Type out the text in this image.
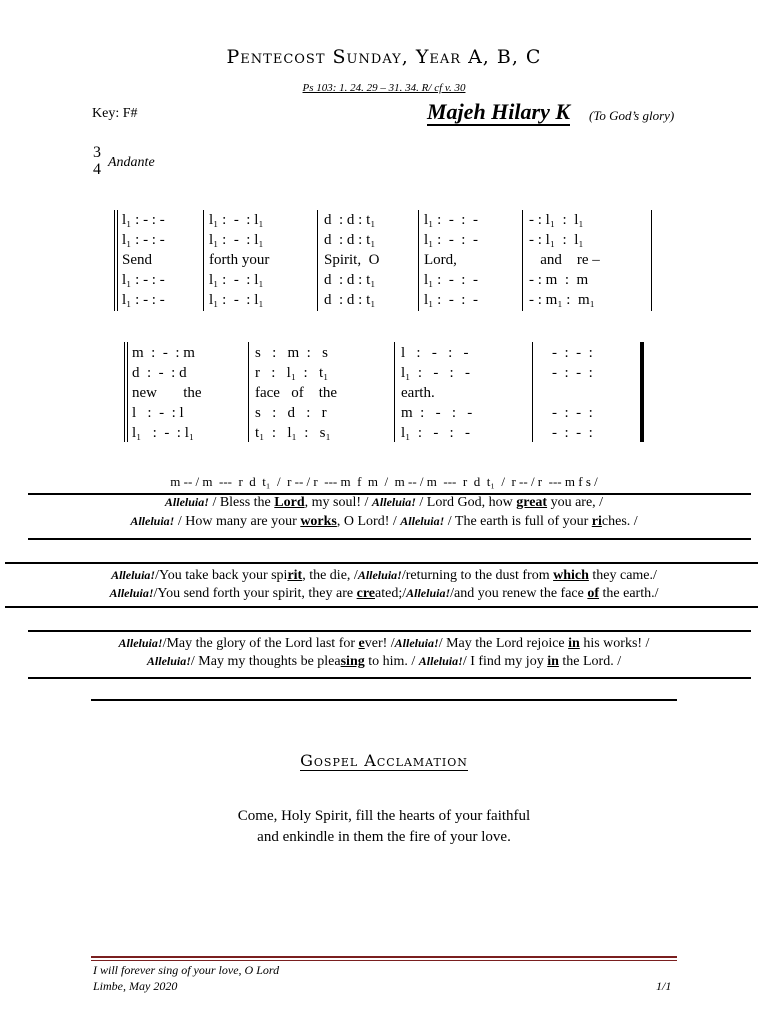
Pentecost Sunday, Year A, B, C
Ps 103: 1. 24. 29 – 31. 34. R/ cf v. 30
Key: F#	Majeh Hilary K (To God’s glory)
3
4 Andante
l₁ : - : -
l₁ : - : -
Send
l₁ : - : -
l₁ : - : -
l₁ :  -  : l₁
l₁ :  -  : l₁
forth your
l₁ :  -  : l₁
l₁ :  -  : l₁
d  : d : t₁
d  : d : t₁
Spirit,  O
d  : d : t₁
d  : d : t₁
l₁ :  -  :  -
l₁ :  -  :  -
Lord,
l₁ :  -  :  -
l₁ :  -  :  -
- : l₁  :  l₁
- : l₁  :  l₁
and    re –
- : m  :  m
- : m₁ :  m₁
m  :  -  : m
d  :  -  : d
new       the
l   :  -  : l
l₁   :  -  : l₁
s   :   m  :   s
r   :   l₁  :   t₁
face   of    the
s   :   d   :   r
t₁  :   l₁  :   s₁
l   :   -   :   -
l₁  :   -   :   -
earth.
m  :   -   :   -
l₁  :   -   :   -
-  :  -  :
-  :  -  :
-  :  -  :
-  :  -  :
m -- / m  ---  r  d  t₁  /  r -- / r  --- m  f  m  /  m -- / m  ---  r  d  t₁  /  r -- / r  --- m f s /
Alleluia! / Bless the Lord, my soul! / Alleluia! / Lord God, how great you are, /
Alleluia! / How many are your works, O Lord! / Alleluia! / The earth is full of your riches. /
Alleluia!/You take back your spirit, the die, /Alleluia!/returning to the dust from which they came./
Alleluia!/You send forth your spirit, they are created;/Alleluia!/and you renew the face of the earth./
Alleluia!/May the glory of the Lord last for ever! /Alleluia!/ May the Lord rejoice in his works! /
Alleluia!/ May my thoughts be pleasing to him. / Alleluia!/ I find my joy in the Lord. /
Gospel Acclamation
Come, Holy Spirit, fill the hearts of your faithful
and enkindle in them the fire of your love.
I will forever sing of your love, O Lord
Limbe, May 2020	1/1
